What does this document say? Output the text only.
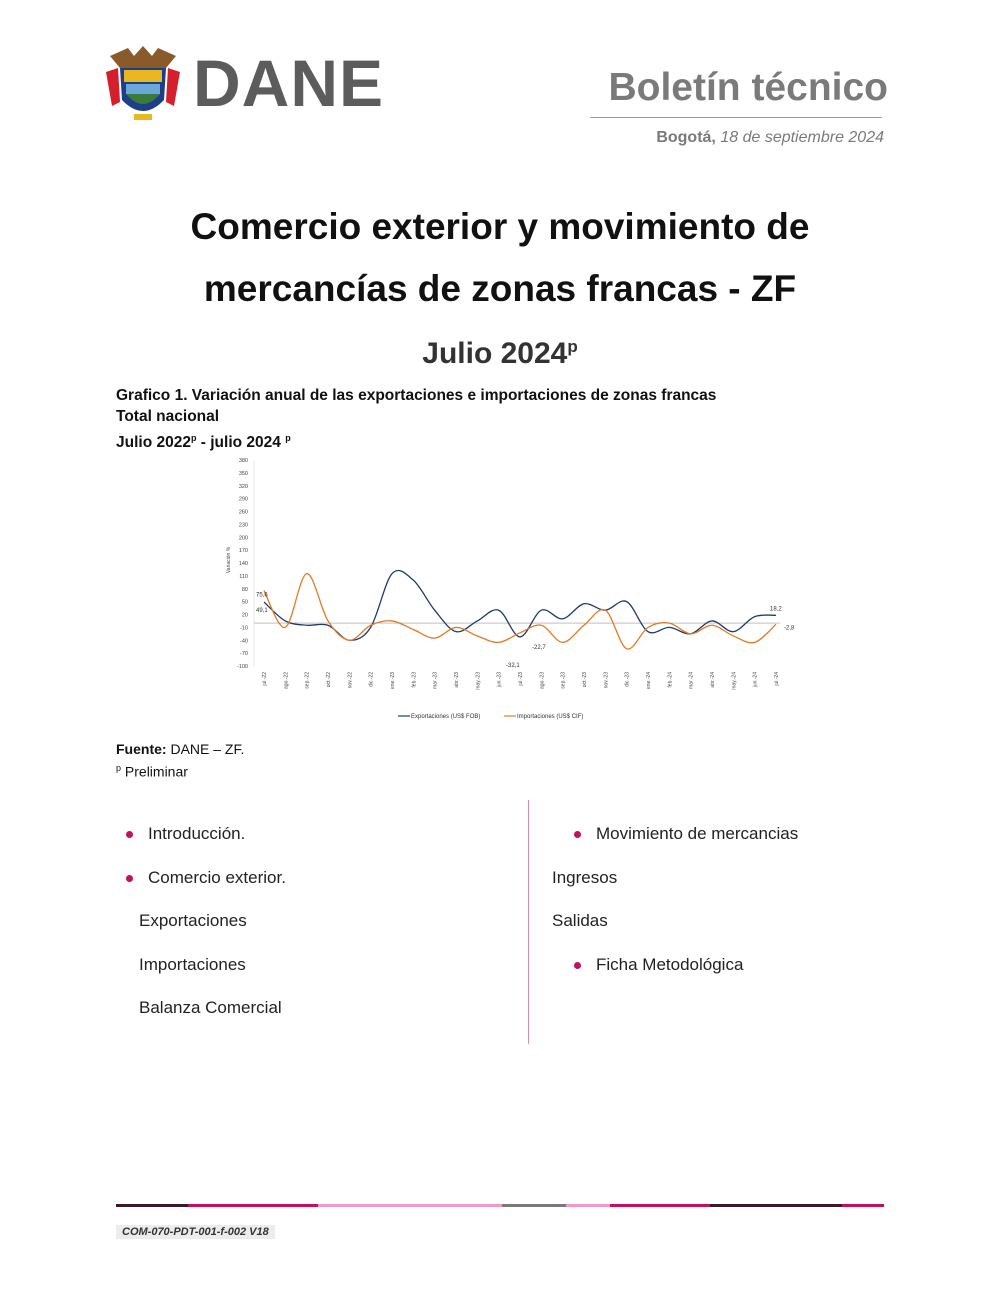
DANE	Boletín técnico
Bogotá, 18 de septiembre 2024
Comercio exterior y movimiento de
mercancías de zonas francas - ZF
Julio 2024$^p$
Grafico 1. Variación anual de las exportaciones e importaciones de zonas francas
Total nacional
Julio 2022$^p$ - julio 2024 $^p$
-100
-70
-40
-10
20
50
80
110
140
170
200
230
260
290
320
350
380
jul.-22	ago.-22	sep.-22	oct.-22	nov.-22	dic.-22	ene.-23	feb.-23	mar.-23	abr.-23	may.-23	jun.-23	jul.-23	ago.-23	sep.-23	oct.-23	nov.-23	dic.-23	ene.-24	feb.-24	mar.-24	abr.-24	may.-24	jun.-24	jul.-24
75,6
49,1
-32,1
-22,7
18,2
-2,8
Variación %
Exportaciones (US$ FOB)	Importaciones (US$ CIF)
Fuente: DANE – ZF.
$^p$ Preliminar
Introducción.
Comercio exterior.
Exportaciones
Importaciones
Balanza Comercial
Movimiento de mercancias
Ingresos
Salidas
Ficha Metodológica
COM-070-PDT-001-f-002 V18
